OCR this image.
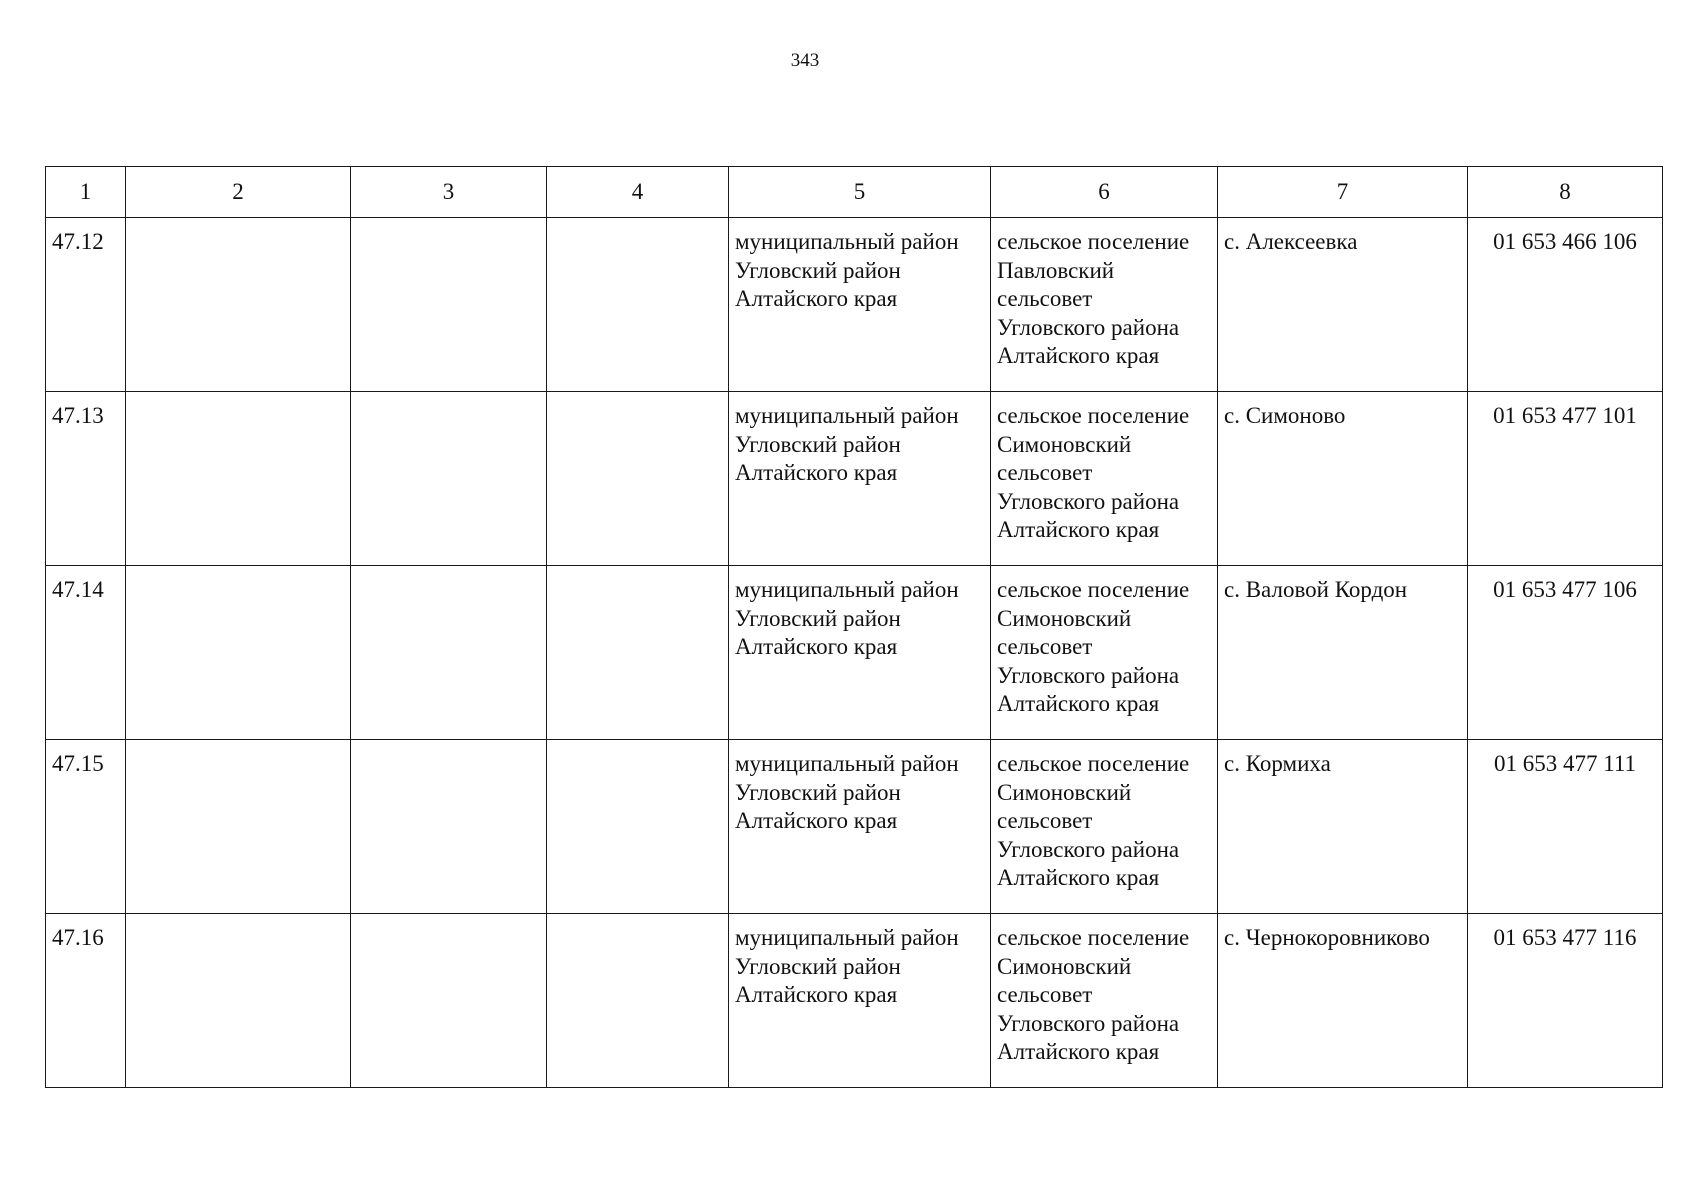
343
1	2	3	4	5	6	7	8
47.12				муниципальный район
Угловский район
Алтайского края	сельское поселение
Павловский
сельсовет
Угловского района
Алтайского края	с. Алексеевка	01 653 466 106
47.13				муниципальный район
Угловский район
Алтайского края	сельское поселение
Симоновский
сельсовет
Угловского района
Алтайского края	с. Симоново	01 653 477 101
47.14				муниципальный район
Угловский район
Алтайского края	сельское поселение
Симоновский
сельсовет
Угловского района
Алтайского края	с. Валовой Кордон	01 653 477 106
47.15				муниципальный район
Угловский район
Алтайского края	сельское поселение
Симоновский
сельсовет
Угловского района
Алтайского края	с. Кормиха	01 653 477 111
47.16				муниципальный район
Угловский район
Алтайского края	сельское поселение
Симоновский
сельсовет
Угловского района
Алтайского края	с. Чернокоровниково	01 653 477 116
